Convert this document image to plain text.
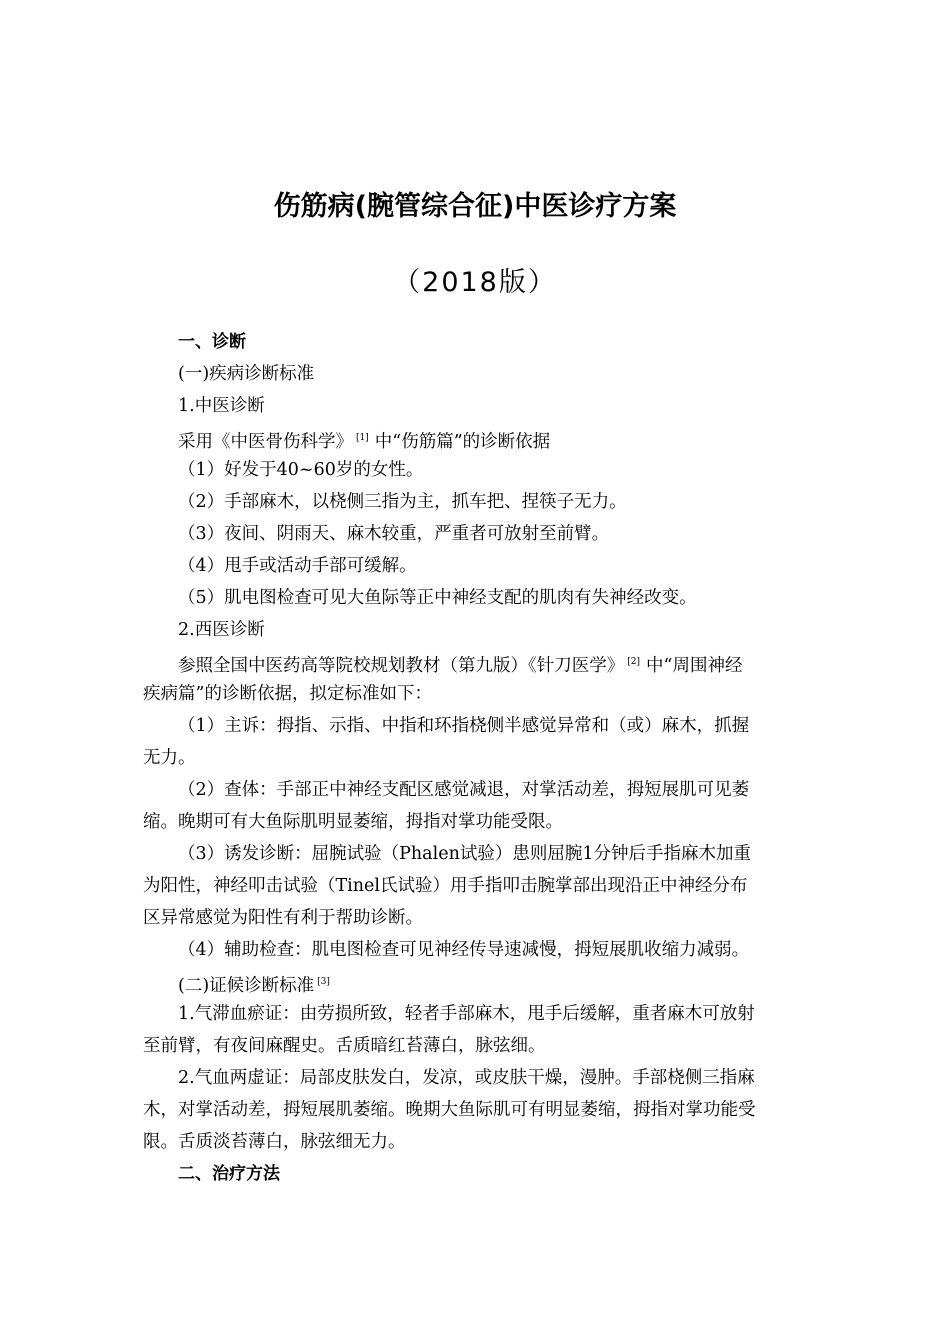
伤筋病(腕管综合征)中医诊疗方案
（2018版）
一、诊断
(一)疾病诊断标准
1.中医诊断
采用《中医骨伤科学》 [1] 中“伤筋篇”的诊断依据
（1）好发于40~60岁的女性。
（2）手部麻木，以桡侧三指为主，抓车把、捏筷子无力。
（3）夜间、阴雨天、麻木较重，严重者可放射至前臂。
（4）甩手或活动手部可缓解。
（5）肌电图检查可见大鱼际等正中神经支配的肌肉有失神经改变。
2.西医诊断
参照全国中医药高等院校规划教材（第九版）《针刀医学》 [2] 中“周围神经
疾病篇”的诊断依据，拟定标准如下：
（1）主诉：拇指、示指、中指和环指桡侧半感觉异常和（或）麻木，抓握
无力。
（2）查体：手部正中神经支配区感觉减退，对掌活动差，拇短展肌可见萎
缩。晚期可有大鱼际肌明显萎缩，拇指对掌功能受限。
（3）诱发诊断：屈腕试验（Phalen试验）患则屈腕1分钟后手指麻木加重
为阳性，神经叩击试验（Tinel氏试验）用手指叩击腕掌部出现沿正中神经分布
区异常感觉为阳性有利于帮助诊断。
（4）辅助检查：肌电图检查可见神经传导速减慢，拇短展肌收缩力减弱。
(二)证候诊断标准 [3]
1.气滞血瘀证：由劳损所致，轻者手部麻木，甩手后缓解，重者麻木可放射
至前臂，有夜间麻醒史。舌质暗红苔薄白，脉弦细。
2.气血两虚证：局部皮肤发白，发凉，或皮肤干燥，漫肿。手部桡侧三指麻
木，对掌活动差，拇短展肌萎缩。晚期大鱼际肌可有明显萎缩，拇指对掌功能受
限。舌质淡苔薄白，脉弦细无力。
二、治疗方法
